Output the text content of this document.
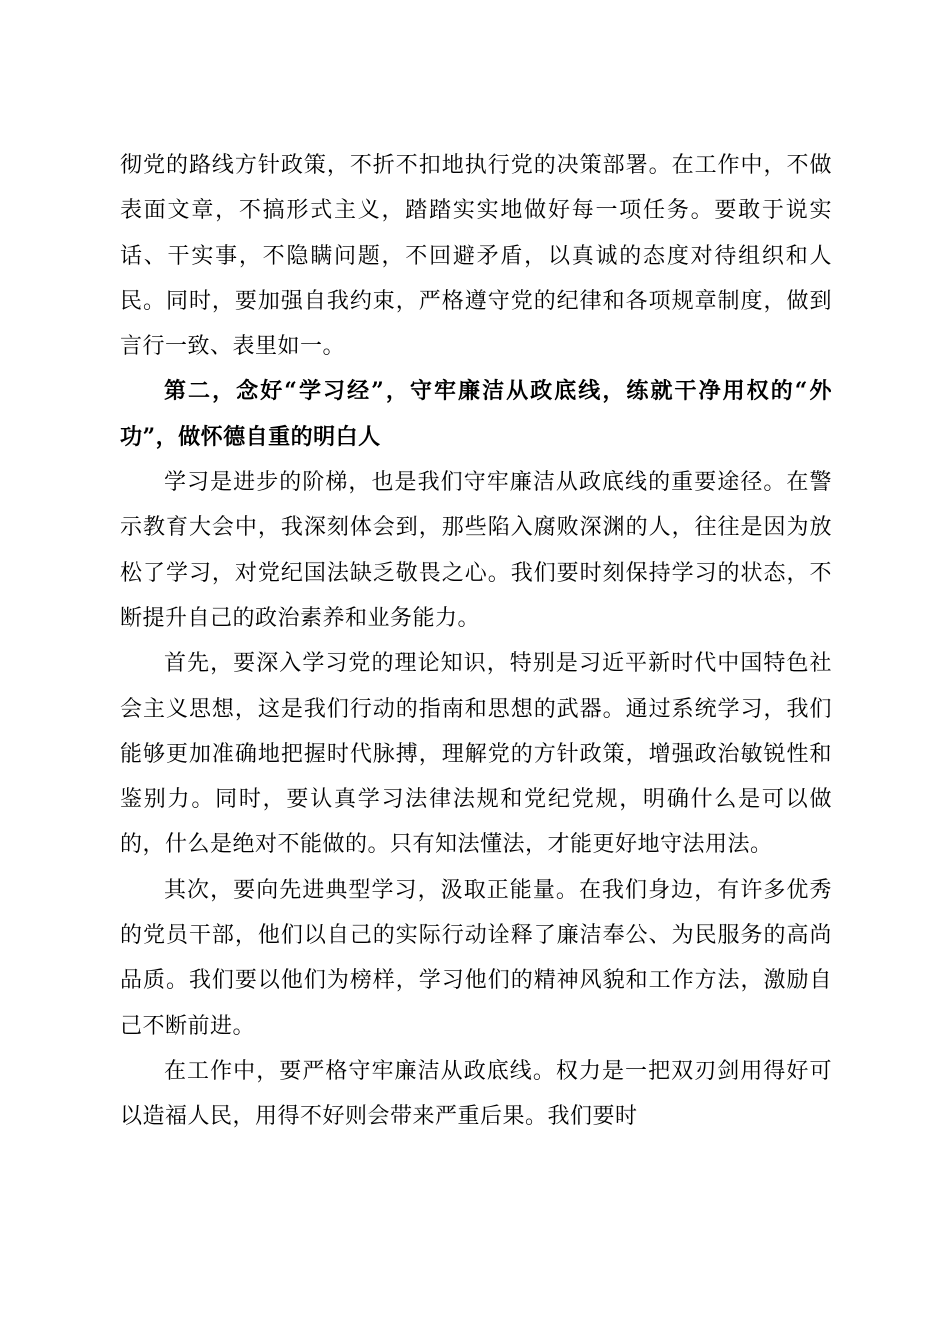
彻党的路线方针政策，不折不扣地执行党的决策部署。在工作中，不做表面文章，不搞形式主义，踏踏实实地做好每一项任务。要敢于说实话、干实事，不隐瞒问题，不回避矛盾，以真诚的态度对待组织和人民。同时，要加强自我约束，严格遵守党的纪律和各项规章制度，做到言行一致、表里如一。

第二，念好“学习经”，守牢廉洁从政底线，练就干净用权的“外功”，做怀德自重的明白人

学习是进步的阶梯，也是我们守牢廉洁从政底线的重要途径。在警示教育大会中，我深刻体会到，那些陷入腐败深渊的人，往往是因为放松了学习，对党纪国法缺乏敬畏之心。我们要时刻保持学习的状态，不断提升自己的政治素养和业务能力。

首先，要深入学习党的理论知识，特别是习近平新时代中国特色社会主义思想，这是我们行动的指南和思想的武器。通过系统学习，我们能够更加准确地把握时代脉搏，理解党的方针政策，增强政治敏锐性和鉴别力。同时，要认真学习法律法规和党纪党规，明确什么是可以做的，什么是绝对不能做的。只有知法懂法，才能更好地守法用法。

其次，要向先进典型学习，汲取正能量。在我们身边，有许多优秀的党员干部，他们以自己的实际行动诠释了廉洁奉公、为民服务的高尚品质。我们要以他们为榜样，学习他们的精神风貌和工作方法，激励自己不断前进。

在工作中，要严格守牢廉洁从政底线。权力是一把双刃剑用得好可以造福人民，用得不好则会带来严重后果。我们要时
